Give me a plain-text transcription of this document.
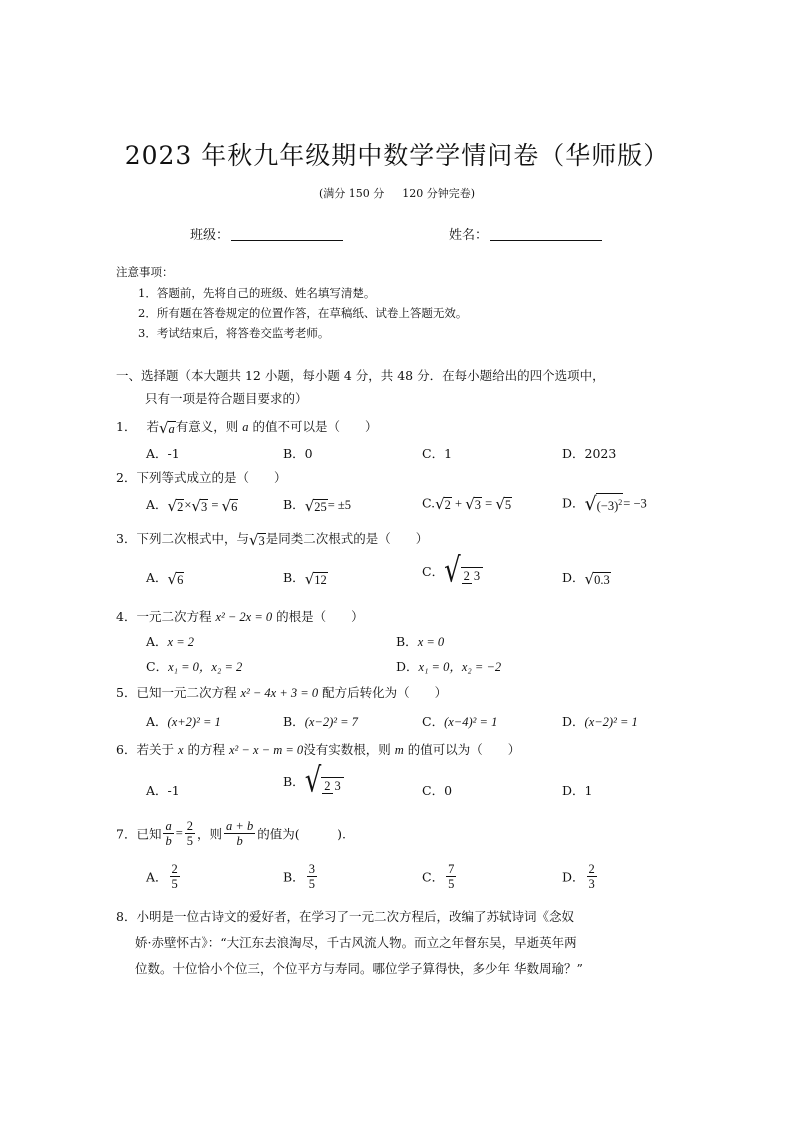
2023 年秋九年级期中数学学情问卷（华师版）
(满分 150 分 120 分钟完卷)
班级：	姓名：
注意事项：
1．答题前，先将自己的班级、姓名填写清楚。
2．所有题在答卷规定的位置作答，在草稿纸、试卷上答题无效。
3．考试结束后，将答卷交监考老师。
一、选择题（本大题共 12 小题，每小题 4 分，共 48 分．在每小题给出的四个选项中，
只有一项是符合题目要求的）
1． 若√a有意义，则 a 的值不可以是（　　）
A．-1	B．0	C．1	D．2023
2．下列等式成立的是（　　）
A．√2×√3 = √6	B．√25= ±5	C.√2 + √3 = √5	D．$√(-3)^2= -3$
3．下列二次根式中，与√3是同类二次根式的是（　　）
A．√6	B．√12
C．√ 2 3	D．√0.3
4．一元二次方程 x² − 2x = 0 的根是（　　）
A．x = 2	B．x = 0
C．x₁ = 0，x₂ = 2	D．x₁ = 0，x₂ = −2
5．已知一元二次方程 x² − 4x + 3 = 0 配方后转化为（　　）
A．(x+2)² = 1	B．(x−2)² = 7	C．(x−4)² = 1	D．(x−2)² = 1
6．若关于 x 的方程 x² − x − m = 0没有实数根，则 m 的值可以为（　　）
A．-1
B．√ 2 3	C．0	D．1
7．已知 $\frac{a}{b} = \frac{2}{5}$ ，则 $\frac{a + b}{b}$ 的值为(　　　).
A． $\frac{2}{5}$	B． $\frac{3}{5}$	C． $\frac{7}{5}$	D． $\frac{2}{3}$
8．小明是一位古诗文的爱好者，在学习了一元二次方程后，改编了苏轼诗词《念奴
娇·赤壁怀古》：“大江东去浪淘尽，千古风流人物。而立之年督东吴，早逝英年两
位数。十位恰小个位三，个位平方与寿同。哪位学子算得快，多少年 华数周瑜？”
